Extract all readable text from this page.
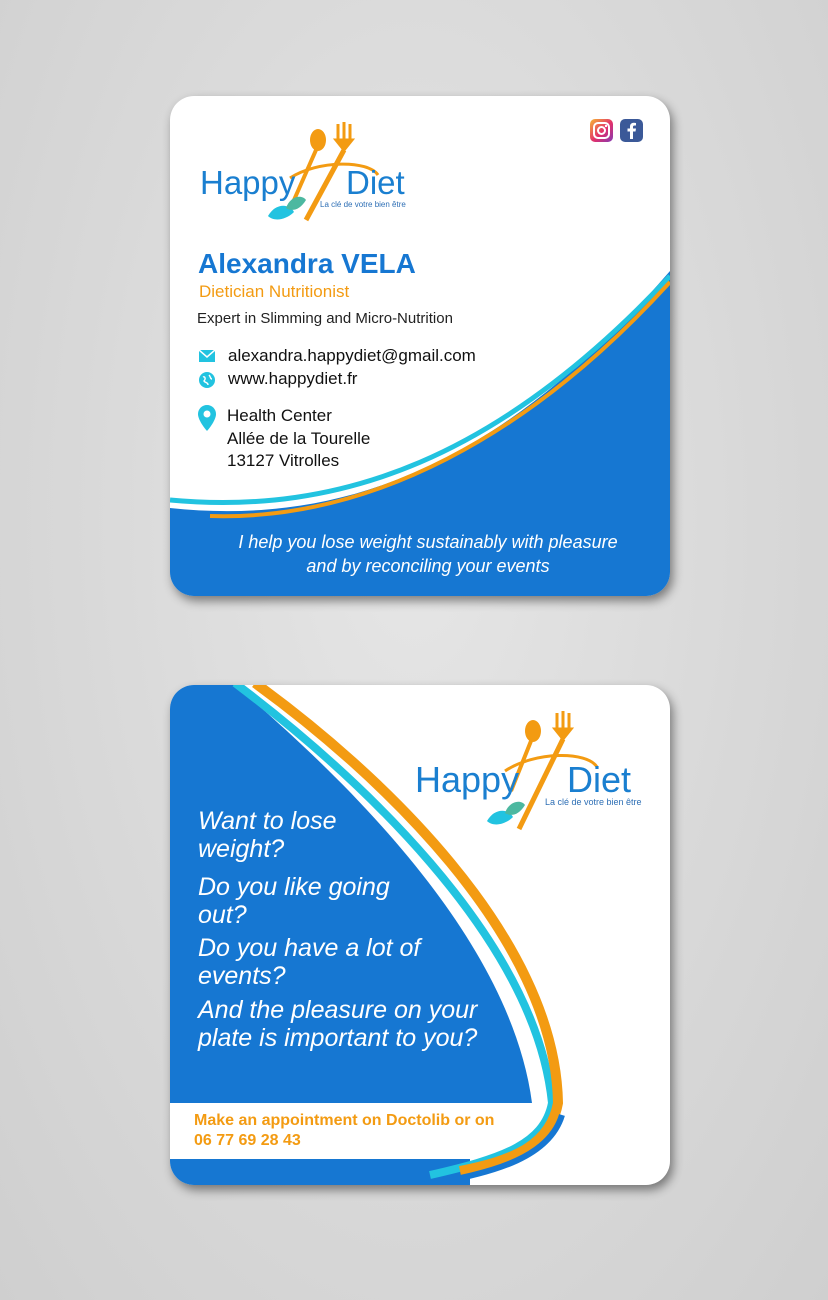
Happy Diet
La clé de votre bien être
Alexandra VELA
Dietician Nutritionist
Expert in Slimming and Micro-Nutrition
alexandra.happydiet@gmail.com
www.happydiet.fr
Health Center
Allée de la Tourelle
13127 Vitrolles
I help you lose weight sustainably with pleasure
and by reconciling your events
Happy Diet
La clé de votre bien être
Want to lose weight?
Do you like going out?
Do you have a lot of events?
And the pleasure on your plate is important to you?
Make an appointment on Doctolib or on 06 77 69 28 43
